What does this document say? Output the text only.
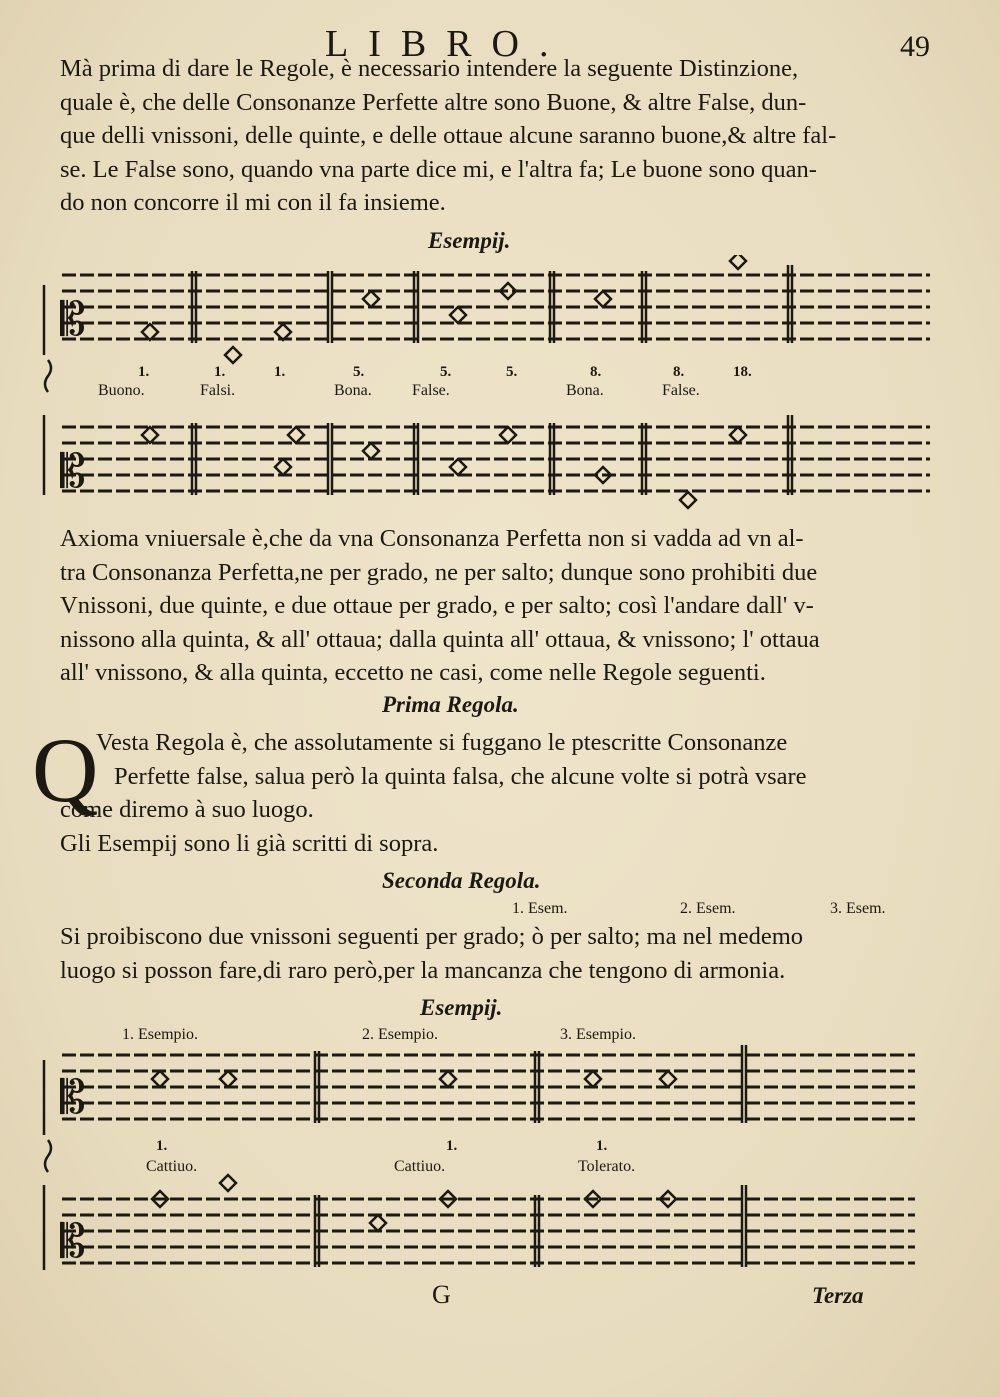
LIBRO.	49
Mà prima di dare le Regole, è necessario intendere la seguente Distinzione,
quale è, che delle Consonanze Perfette altre sono Buone, & altre False, dun-
que delli vnissoni, delle quinte, e delle ottaue alcune saranno buone,& altre fal-
se. Le False sono, quando vna parte dice mi, e l'altra fa; Le buone sono quan-
do non concorre il mi con il fa insieme.
Esempij.
𝄡
𝄡
1.	1.	1.	5.	5.	5.	8.	8.	18.
Buono.	Falsi.	Bona.	False.	Bona.	False.
Axioma vniuersale è,che da vna Consonanza Perfetta non si vadda ad vn al-
tra Consonanza Perfetta,ne per grado, ne per salto; dunque sono prohibiti due
Vnissoni, due quinte, e due ottaue per grado, e per salto; così l'andare dall' v-
nissono alla quinta, & all' ottaua; dalla quinta all' ottaua, & vnissono; l' ottaua
all' vnissono, & alla quinta, eccetto ne casi, come nelle Regole seguenti.
Prima Regola.
Q
Vesta Regola è, che assolutamente si fuggano le ptescritte Consonanze
Perfette false, salua però la quinta falsa, che alcune volte si potrà vsare
come diremo à suo luogo.
Gli Esempij sono li già scritti di sopra.
Seconda Regola.
1. Esem.	2. Esem.	3. Esem.
Si proibiscono due vnissoni seguenti per grado; ò per salto; ma nel medemo
luogo si posson fare,di raro però,per la mancanza che tengono di armonia.
Esempij.
1. Esempio.	2. Esempio.	3. Esempio.
𝄡
𝄡
1.	1.	1.
Cattiuo.	Cattiuo.	Tolerato.
G	Terza
